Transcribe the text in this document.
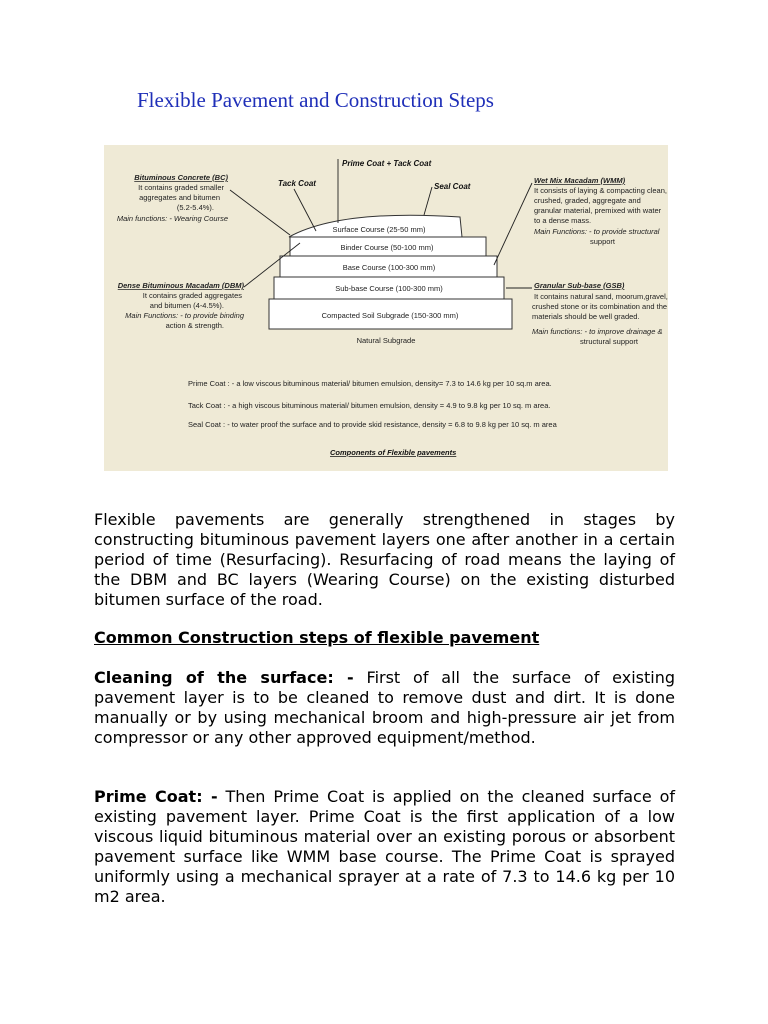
Flexible Pavement and Construction Steps
Surface Course (25-50 mm)
Binder Course (50-100 mm)
Base Course (100-300 mm)
Sub-base Course (100-300 mm)
Compacted Soil Subgrade (150-300 mm)
Natural Subgrade
Prime Coat + Tack Coat
Tack Coat	Seal Coat
Bituminous Concrete (BC)
It contains graded smaller
aggregates and bitumen
(5.2-5.4%).
Main functions: - Wearing Course
Dense Bituminous Macadam (DBM)
It contains graded aggregates
and bitumen (4-4.5%).
Main Functions: - to provide binding
action & strength.
Wet Mix Macadam (WMM)
It consists of laying & compacting clean,
crushed, graded, aggregate and
granular material, premixed with water
to a dense mass.
Main Functions: - to provide structural
support
Granular Sub-base (GSB)
It contains natural sand, moorum,gravel,
crushed stone or its combination and the
materials should be well graded.
Main functions: - to improve drainage &
structural support
Prime Coat : - a low viscous bituminous material/ bitumen emulsion, density= 7.3 to 14.6 kg per 10 sq.m area.
Tack Coat : - a high viscous bituminous material/ bitumen emulsion, density = 4.9 to 9.8 kg per 10 sq. m area.
Seal Coat : - to water proof the surface and to provide skid resistance, density = 6.8 to 9.8 kg per 10 sq. m area
Components of Flexible pavements

Flexible pavements are generally strengthened in stages by constructing bituminous pavement layers one after another in a certain period of time (Resurfacing). Resurfacing of road means the laying of the DBM and BC layers (Wearing Course) on the existing disturbed bitumen surface of the road.

Common Construction steps of flexible pavement

Cleaning of the surface: - First of all the surface of existing pavement layer is to be cleaned to remove dust and dirt. It is done manually or by using mechanical broom and high-pressure air jet from compressor or any other approved equipment/method.

Prime Coat: - Then Prime Coat is applied on the cleaned surface of existing pavement layer. Prime Coat is the first application of a low viscous liquid bituminous material over an existing porous or absorbent pavement surface like WMM base course. The Prime Coat is sprayed uniformly using a mechanical sprayer at a rate of 7.3 to 14.6 kg per 10 m2 area.
